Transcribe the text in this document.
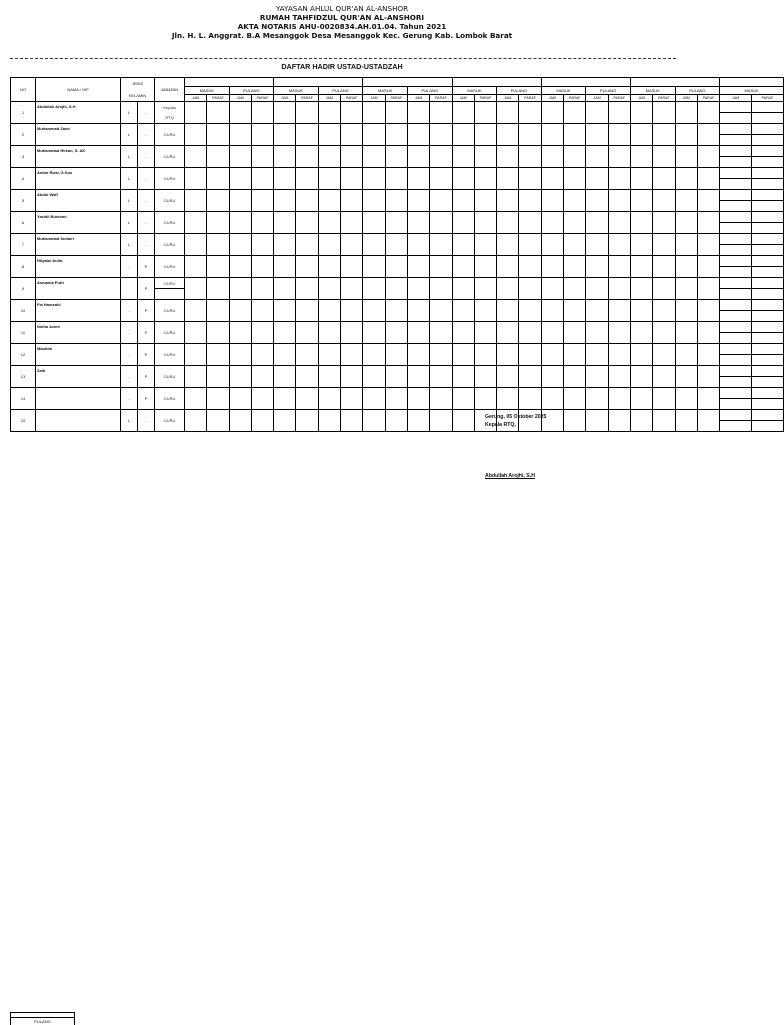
YAYASAN AHLUL QUR'AN AL-ANSHOR
RUMAH TAHFIDZUL QUR'AN AL-ANSHORI
AKTA NOTARIS AHU-0020834.AH.01.04. Tahun 2021
Jln. H. L. Anggrat. B.A Mesanggok Desa Mesanggok Kec. Gerung Kab. Lombok Barat
DAFTAR HADIR USTAD-USTADZAH
NO	NAMA / NIP	JENIS
KELAMIN		JABATAN																										
					MASUK		PULANG		MASUK		PULANG		MASUK		PULANG		MASUK		PULANG		MASUK		PULANG		MASUK		PULANG		MASUK	
					JAM	PARAF	JAM	PARAF	JAM	PARAF	JAM	PARAF	JAM	PARAF	JAM	PARAF	JAM	PARAF	JAM	PARAF	JAM	PARAF	JAM	PARAF	JAM	PARAF	JAM	PARAF	JAM	PARAF
1	Abdullah Arojhi, S.H	L	-	Kepala
RTQ																										

2	Muhammad Zaed	L	-	GURU																									

3	Muhammad Hirzan, S. AK	L	-	GURU																									

4	Ankar Rizki, S.Sos	L	-	GURU																									

5	Abdul Wafi	L	-	GURU																									

6	Yazidil Bustomi	L	-	GURU																									

7	Muhammad Suhairi	L	-	GURU																									

8	Hilyatul Aulia	-	P	GURU																									

9	Asmania Putri		P	GURU																										

10	Fia Hamsahi	-	P	GURU																									

11	Nidha Azimi	-	P	GURU																									

12	Maulida	-	P	GURU																									

13	Zaiti	-	P	GURU																									

14		-	P	GURU																									

15		L	-	GURU																									

Gerung, 05 Oktober 2025
Kepala RTQ,
Abdullah Arojhi, S.H
PULANG
